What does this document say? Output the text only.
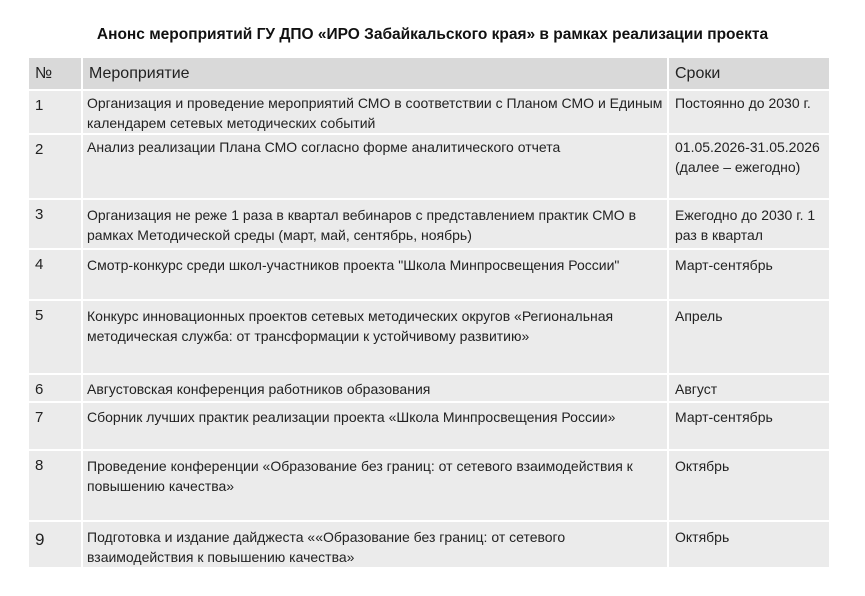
Анонс мероприятий ГУ ДПО «ИРО Забайкальского края» в рамках реализации проекта
№	Мероприятие	Сроки
1	Организация и проведение мероприятий СМО в соответствии с Планом СМО и Единым календарем сетевых методических событий	Постоянно до 2030 г.
2	Анализ реализации Плана СМО согласно форме аналитического отчета	01.05.2026-31.05.2026 (далее – ежегодно)
3	Организация не реже 1 раза в квартал вебинаров с представлением практик СМО в рамках Методической среды (март, май, сентябрь, ноябрь)	Ежегодно до 2030 г. 1 раз в квартал
4	Смотр-конкурс среди школ-участников проекта "Школа Минпросвещения России"	Март-сентябрь
5	Конкурс инновационных проектов сетевых методических округов «Региональная методическая служба: от трансформации к устойчивому развитию»	Апрель
6	Августовская конференция работников образования	Август
7	Сборник лучших практик реализации проекта «Школа Минпросвещения России»	Март-сентябрь
8	Проведение конференции «Образование без границ: от сетевого взаимодействия к повышению качества»	Октябрь
9	Подготовка и издание дайджеста ««Образование без границ: от сетевого взаимодействия к повышению качества»	Октябрь
